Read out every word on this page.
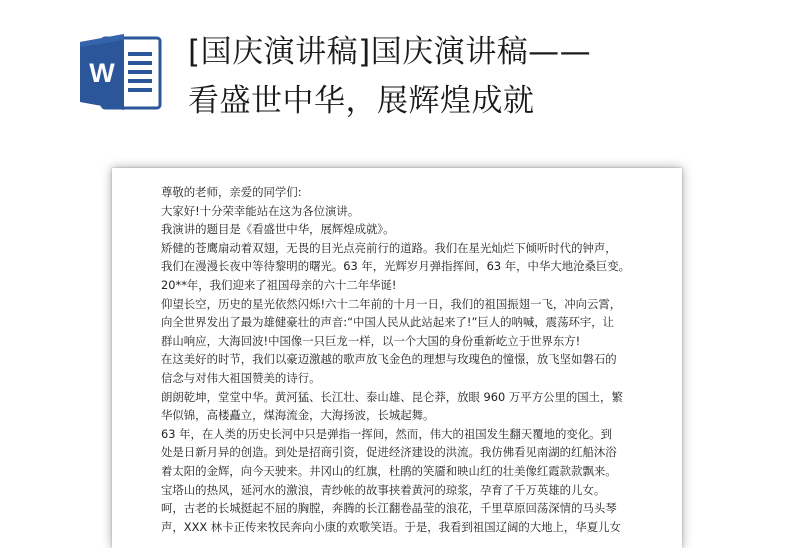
W
[国庆演讲稿]国庆演讲稿——
看盛世中华，展辉煌成就

尊敬的老师，亲爱的同学们:

大家好!十分荣幸能站在这为各位演讲。

我演讲的题目是《看盛世中华，展辉煌成就》。

矫健的苍鹰扇动着双翅，无畏的目光点亮前行的道路。我们在星光灿烂下倾听时代的钟声，

我们在漫漫长夜中等待黎明的曙光。63 年，光辉岁月弹指挥间，63 年，中华大地沧桑巨变。

20**年，我们迎来了祖国母亲的六十二年华诞!

仰望长空，历史的星光依然闪烁!六十二年前的十月一日，我们的祖国振翅一飞，冲向云霄，

向全世界发出了最为雄健豪壮的声音:“中国人民从此站起来了!”巨人的呐喊，震荡环宇，让

群山响应，大海回波!中国像一只巨龙一样，以一个大国的身份重新屹立于世界东方!

在这美好的时节，我们以豪迈激越的歌声放飞金色的理想与玫瑰色的憧憬，放飞坚如磐石的

信念与对伟大祖国赞美的诗行。

朗朗乾坤，堂堂中华。黄河猛、长江壮、泰山雄、昆仑莽，放眼 960 万平方公里的国土，繁

华似锦，高楼矗立，煤海流金，大海扬波，长城起舞。

63 年，在人类的历史长河中只是弹指一挥间，然而，伟大的祖国发生翻天覆地的变化。到

处是日新月异的创造。到处是招商引资，促进经济建设的洪流。我仿佛看见南湖的红船沐浴

着太阳的金辉，向今天驶来。井冈山的红旗，杜鹃的笑靥和映山红的壮美像红霞款款飘来。

宝塔山的热风，延河水的激浪，青纱帐的故事挟着黄河的琼浆，孕育了千万英雄的儿女。

呵，古老的长城挺起不屈的胸膛，奔腾的长江翻卷晶莹的浪花，千里草原回荡深情的马头琴

声，XXX 林卡正传来牧民奔向小康的欢歌笑语。于是，我看到祖国辽阔的大地上，华夏儿女
